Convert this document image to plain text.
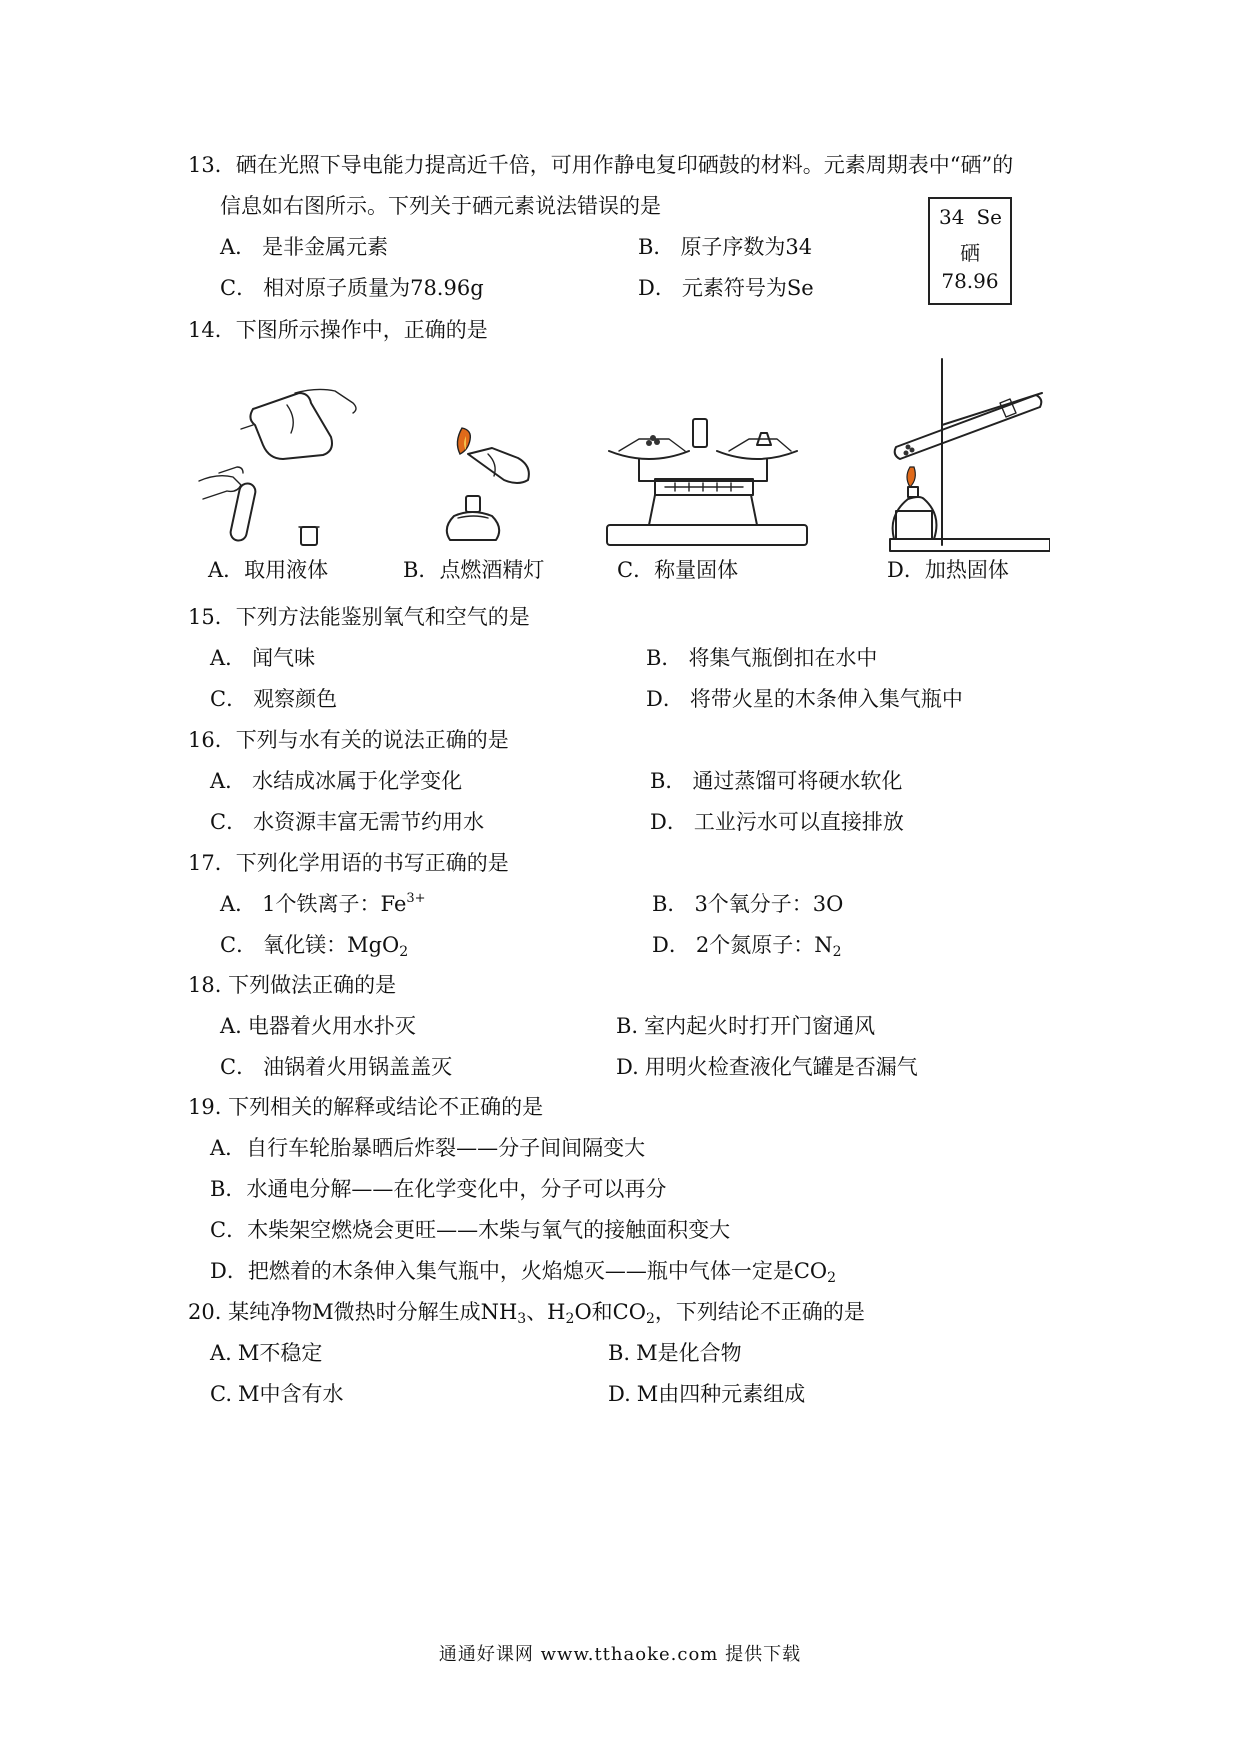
13．硒在光照下导电能力提高近千倍，可用作静电复印硒鼓的材料。元素周期表中“硒”的
信息如右图所示。下列关于硒元素说法错误的是
A． 是非金属元素	B． 原子序数为34
C． 相对原子质量为78.96g	D． 元素符号为Se
34 Se
硒
78.96
14．下图所示操作中，正确的是
A．取用液体	B．点燃酒精灯	C．称量固体	D．加热固体
15．下列方法能鉴别氧气和空气的是
A． 闻气味	B． 将集气瓶倒扣在水中
C． 观察颜色	D． 将带火星的木条伸入集气瓶中
16．下列与水有关的说法正确的是
A． 水结成冰属于化学变化	B． 通过蒸馏可将硬水软化
C． 水资源丰富无需节约用水	D． 工业污水可以直接排放
17．下列化学用语的书写正确的是
A． 1个铁离子：$Fe^{3+}$	B． 3个氧分子：3O
C． 氧化镁：MgO$_2$	D． 2个氮原子：$N_2$
18. 下列做法正确的是
A. 电器着火用水扑灭	B. 室内起火时打开门窗通风
C． 油锅着火用锅盖盖灭	D. 用明火检查液化气罐是否漏气
19. 下列相关的解释或结论不正确的是
A．自行车轮胎暴晒后炸裂——分子间间隔变大
B．水通电分解——在化学变化中，分子可以再分
C．木柴架空燃烧会更旺——木柴与氧气的接触面积变大
D．把燃着的木条伸入集气瓶中，火焰熄灭——瓶中气体一定是$CO_2$
20. 某纯净物M微热时分解生成$NH_3$、$H_2O$和$CO_2$，下列结论不正确的是
A. M不稳定	B. M是化合物
C. M中含有水	D. M由四种元素组成
通通好课网 www.tthaoke.com 提供下载
